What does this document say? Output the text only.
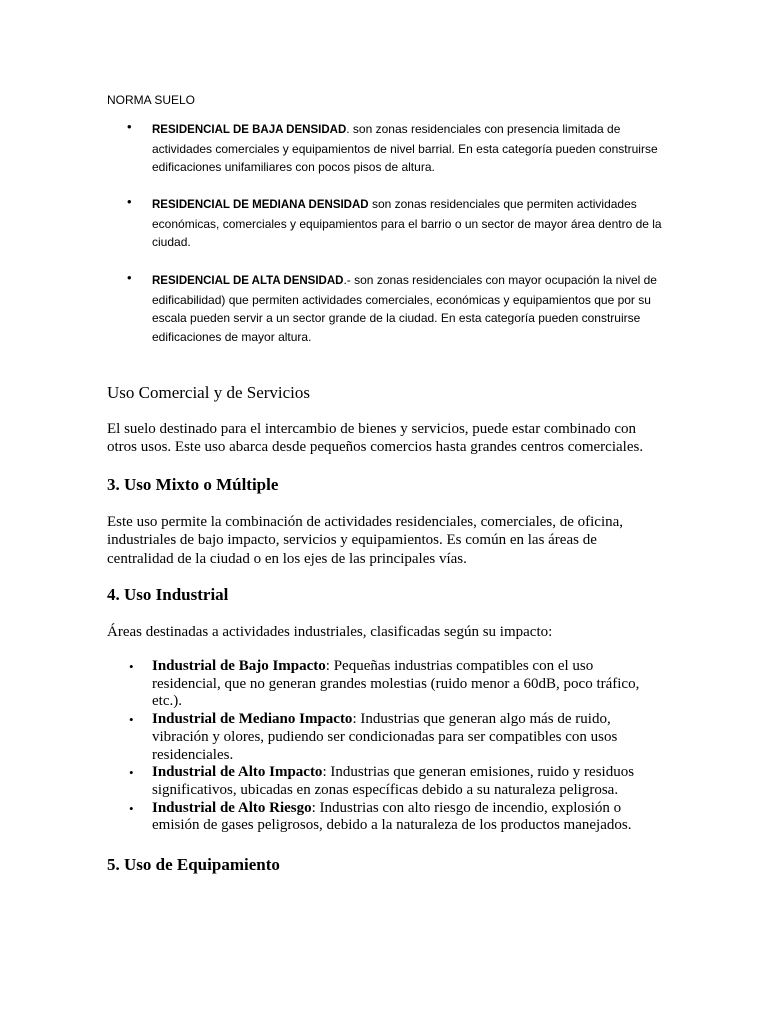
NORMA SUELO
• RESIDENCIAL DE BAJA DENSIDAD. son zonas residenciales con presencia limitada de actividades comerciales y equipamientos de nivel barrial. En esta categoría pueden construirse edificaciones unifamiliares con pocos pisos de altura.
• RESIDENCIAL DE MEDIANA DENSIDAD son zonas residenciales que permiten actividades económicas, comerciales y equipamientos para el barrio o un sector de mayor área dentro de la ciudad.
• RESIDENCIAL DE ALTA DENSIDAD.- son zonas residenciales con mayor ocupación la nivel de edificabilidad) que permiten actividades comerciales, económicas y equipamientos que por su escala pueden servir a un sector grande de la ciudad. En esta categoría pueden construirse edificaciones de mayor altura.
Uso Comercial y de Servicios

El suelo destinado para el intercambio de bienes y servicios, puede estar combinado con otros usos. Este uso abarca desde pequeños comercios hasta grandes centros comerciales.

3. Uso Mixto o Múltiple

Este uso permite la combinación de actividades residenciales, comerciales, de oficina, industriales de bajo impacto, servicios y equipamientos. Es común en las áreas de centralidad de la ciudad o en los ejes de las principales vías.

4. Uso Industrial

Áreas destinadas a actividades industriales, clasificadas según su impacto:

• Industrial de Bajo Impacto: Pequeñas industrias compatibles con el uso residencial, que no generan grandes molestias (ruido menor a 60dB, poco tráfico, etc.).
• Industrial de Mediano Impacto: Industrias que generan algo más de ruido, vibración y olores, pudiendo ser condicionadas para ser compatibles con usos residenciales.
• Industrial de Alto Impacto: Industrias que generan emisiones, ruido y residuos significativos, ubicadas en zonas específicas debido a su naturaleza peligrosa.
• Industrial de Alto Riesgo: Industrias con alto riesgo de incendio, explosión o emisión de gases peligrosos, debido a la naturaleza de los productos manejados.
5. Uso de Equipamiento
